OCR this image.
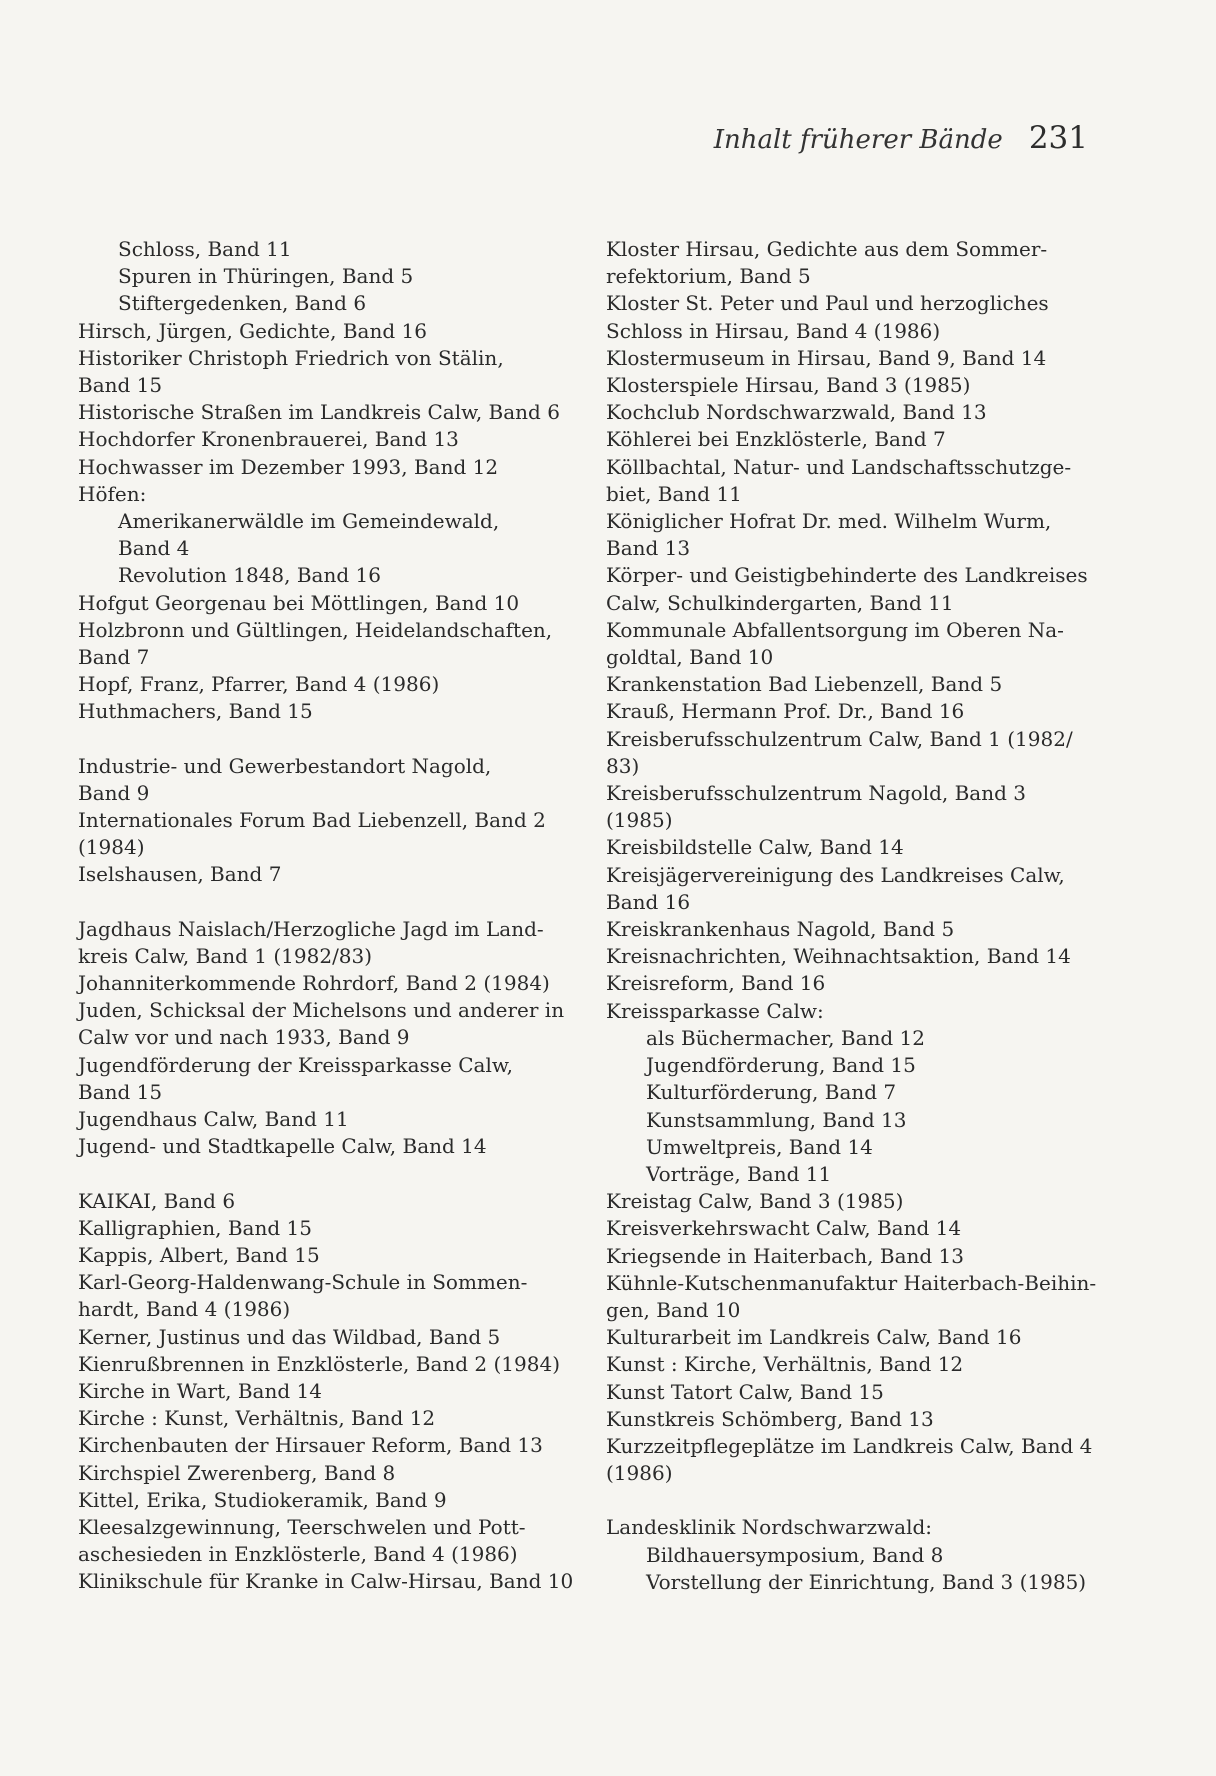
Inhalt früherer Bände 231
Schloss, Band 11
Spuren in Thüringen, Band 5
Stiftergedenken, Band 6
Hirsch, Jürgen, Gedichte, Band 16
Historiker Christoph Friedrich von Stälin,
Band 15
Historische Straßen im Landkreis Calw, Band 6
Hochdorfer Kronenbrauerei, Band 13
Hochwasser im Dezember 1993, Band 12
Höfen:
Amerikanerwäldle im Gemeindewald,
Band 4
Revolution 1848, Band 16
Hofgut Georgenau bei Möttlingen, Band 10
Holzbronn und Gültlingen, Heidelandschaften,
Band 7
Hopf, Franz, Pfarrer, Band 4 (1986)
Huthmachers, Band 15
Industrie- und Gewerbestandort Nagold,
Band 9
Internationales Forum Bad Liebenzell, Band 2
(1984)
Iselshausen, Band 7
Jagdhaus Naislach/Herzogliche Jagd im Land-
kreis Calw, Band 1 (1982/83)
Johanniterkommende Rohrdorf, Band 2 (1984)
Juden, Schicksal der Michelsons und anderer in
Calw vor und nach 1933, Band 9
Jugendförderung der Kreissparkasse Calw,
Band 15
Jugendhaus Calw, Band 11
Jugend- und Stadtkapelle Calw, Band 14
KAIKAI, Band 6
Kalligraphien, Band 15
Kappis, Albert, Band 15
Karl-Georg-Haldenwang-Schule in Sommen-
hardt, Band 4 (1986)
Kerner, Justinus und das Wildbad, Band 5
Kienrußbrennen in Enzklösterle, Band 2 (1984)
Kirche in Wart, Band 14
Kirche : Kunst, Verhältnis, Band 12
Kirchenbauten der Hirsauer Reform, Band 13
Kirchspiel Zwerenberg, Band 8
Kittel, Erika, Studiokeramik, Band 9
Kleesalzgewinnung, Teerschwelen und Pott-
aschesieden in Enzklösterle, Band 4 (1986)
Klinikschule für Kranke in Calw-Hirsau, Band 10
Kloster Hirsau, Gedichte aus dem Sommer-
refektorium, Band 5
Kloster St. Peter und Paul und herzogliches
Schloss in Hirsau, Band 4 (1986)
Klostermuseum in Hirsau, Band 9, Band 14
Klosterspiele Hirsau, Band 3 (1985)
Kochclub Nordschwarzwald, Band 13
Köhlerei bei Enzklösterle, Band 7
Köllbachtal, Natur- und Landschaftsschutzge-
biet, Band 11
Königlicher Hofrat Dr. med. Wilhelm Wurm,
Band 13
Körper- und Geistigbehinderte des Landkreises
Calw, Schulkindergarten, Band 11
Kommunale Abfallentsorgung im Oberen Na-
goldtal, Band 10
Krankenstation Bad Liebenzell, Band 5
Krauß, Hermann Prof. Dr., Band 16
Kreisberufsschulzentrum Calw, Band 1 (1982/
83)
Kreisberufsschulzentrum Nagold, Band 3
(1985)
Kreisbildstelle Calw, Band 14
Kreisjägervereinigung des Landkreises Calw,
Band 16
Kreiskrankenhaus Nagold, Band 5
Kreisnachrichten, Weihnachtsaktion, Band 14
Kreisreform, Band 16
Kreissparkasse Calw:
als Büchermacher, Band 12
Jugendförderung, Band 15
Kulturförderung, Band 7
Kunstsammlung, Band 13
Umweltpreis, Band 14
Vorträge, Band 11
Kreistag Calw, Band 3 (1985)
Kreisverkehrswacht Calw, Band 14
Kriegsende in Haiterbach, Band 13
Kühnle-Kutschenmanufaktur Haiterbach-Beihin-
gen, Band 10
Kulturarbeit im Landkreis Calw, Band 16
Kunst : Kirche, Verhältnis, Band 12
Kunst Tatort Calw, Band 15
Kunstkreis Schömberg, Band 13
Kurzzeitpflegeplätze im Landkreis Calw, Band 4
(1986)
Landesklinik Nordschwarzwald:
Bildhauersymposium, Band 8
Vorstellung der Einrichtung, Band 3 (1985)
